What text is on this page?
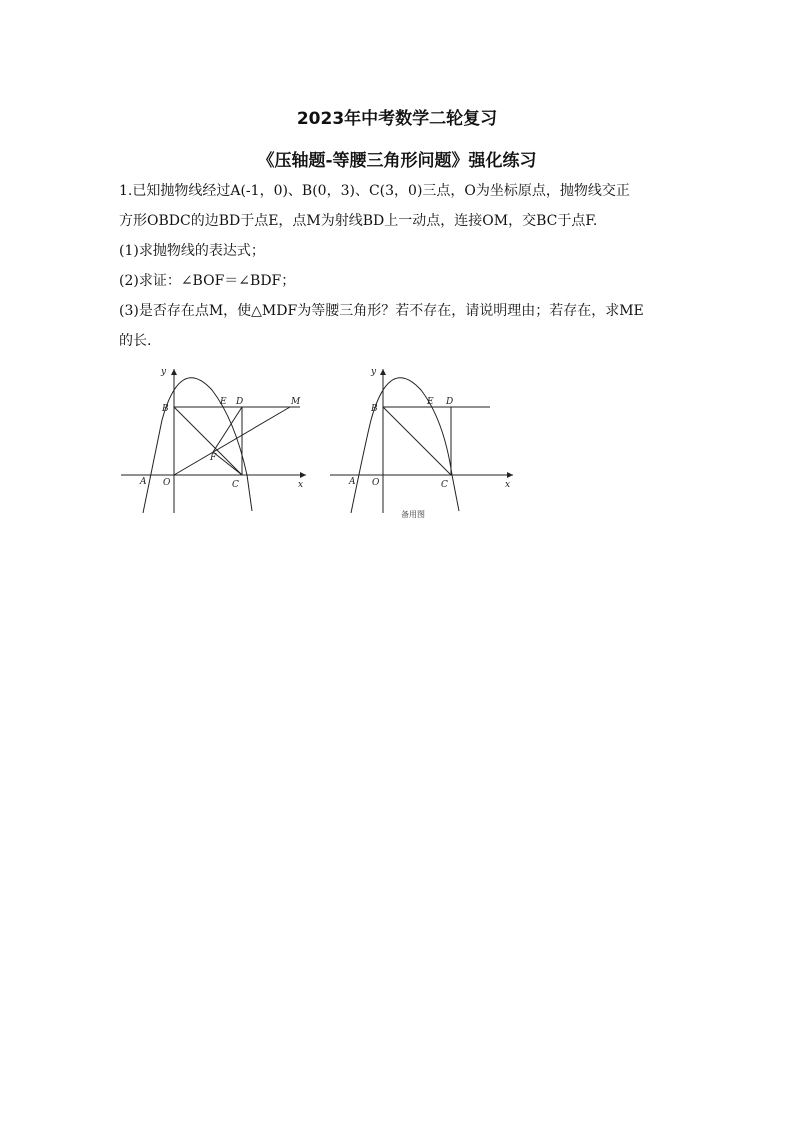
2023年中考数学二轮复习
《压轴题-等腰三角形问题》强化练习
1.已知抛物线经过A(-1，0)、B(0，3)、C(3，0)三点，O为坐标原点，抛物线交正
方形OBDC的边BD于点E，点M为射线BD上一动点，连接OM，交BC于点F.
(1)求抛物线的表达式；
(2)求证：∠BOF＝∠BDF；
(3)是否存在点M，使△MDF为等腰三角形？若不存在，请说明理由；若存在，求ME
的长.
y
x
B
E D	M
F
A O	C
y
x
B
E D
A O	C
备用图
